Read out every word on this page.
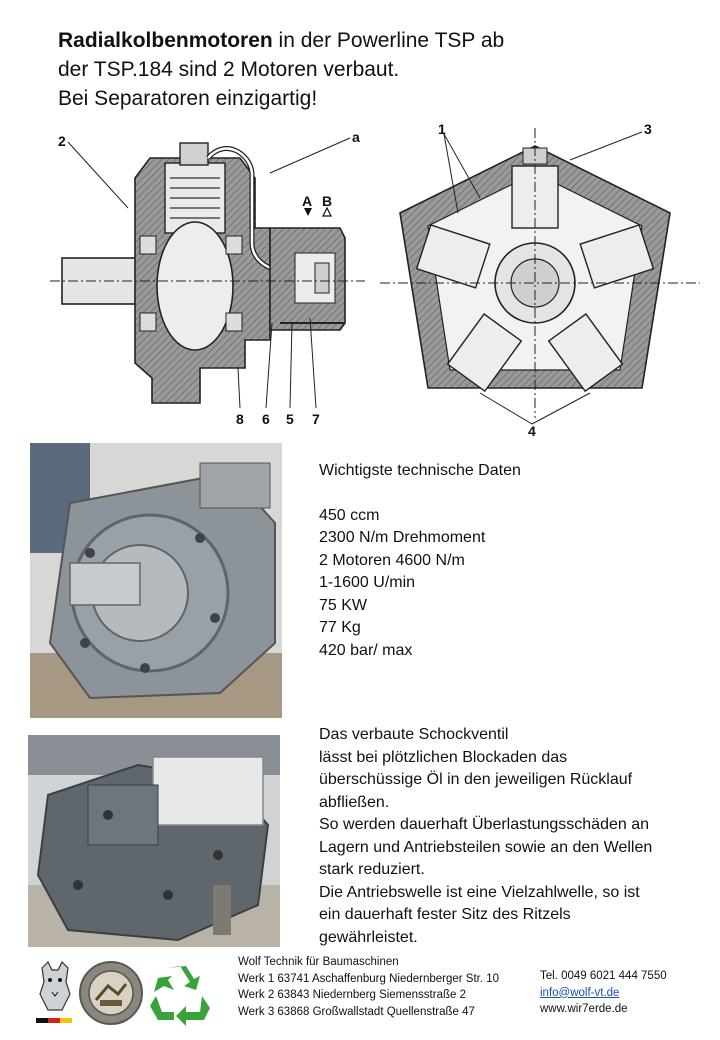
Radialkolbenmotoren in der Powerline TSP ab
der TSP.184 sind 2 Motoren verbaut.
Bei Separatoren einzigartig!
2	a
A B
8 6 5 7
1	3
4
Wichtigste technische Daten
450 ccm
2300 N/m Drehmoment
2 Motoren 4600 N/m
1-1600 U/min
75 KW
77 Kg
420 bar/ max
Das verbaute Schockventil
lässt bei plötzlichen Blockaden das
überschüssige Öl in den jeweiligen Rücklauf
abfließen.
So werden dauerhaft Überlastungsschäden an
Lagern und Antriebsteilen sowie an den Wellen
stark reduziert.
Die Antriebswelle ist eine Vielzahlwelle, so ist
ein dauerhaft fester Sitz des Ritzels
gewährleistet.
Wolf Technik für Baumaschinen
Werk 1 63741 Aschaffenburg Niedernberger Str. 10
Werk 2 63843 Niedernberg Siemensstraße 2
Werk 3 63868 Großwallstadt Quellenstraße 47
Tel. 0049 6021 444 7550
info@wolf-vt.de
www.wir7erde.de
